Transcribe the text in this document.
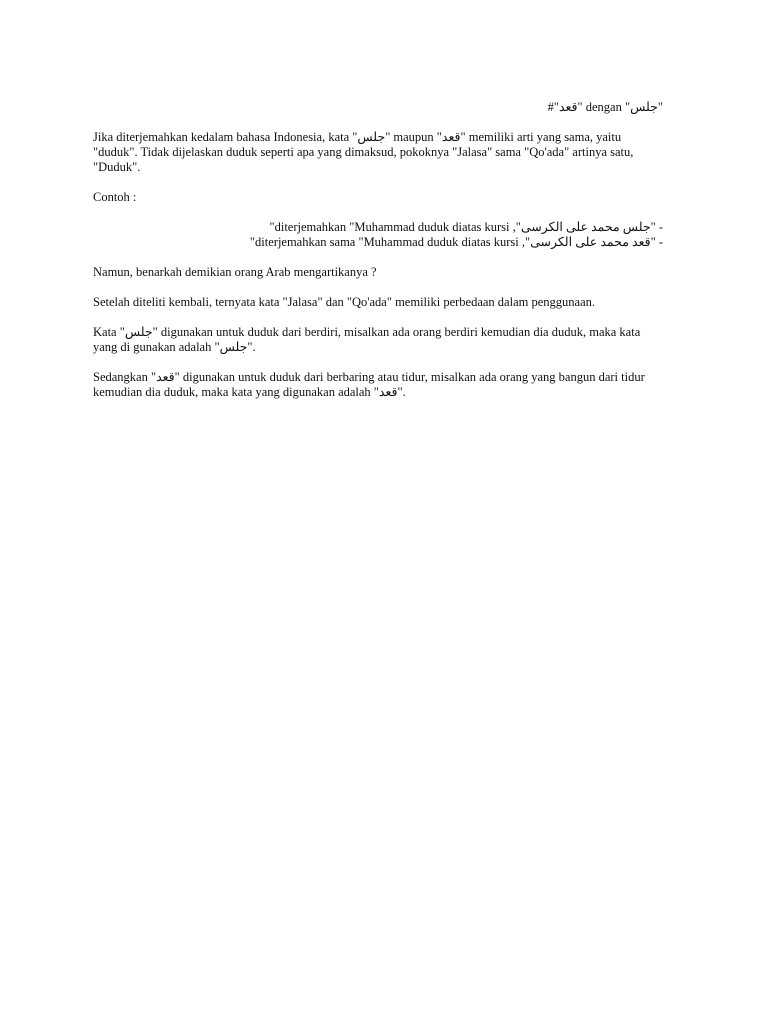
"جلس" dengan "قعد"#

Jika diterjemahkan kedalam bahasa Indonesia, kata "جلس" maupun "قعد" memiliki arti yang sama, yaitu "duduk". Tidak dijelaskan duduk seperti apa yang dimaksud, pokoknya "Jalasa" sama "Qo'ada" artinya satu, "Duduk".

Contoh :

- "جلس محمد على الكرسى", diterjemahkan "Muhammad duduk diatas kursi"

- "قعد محمد على الكرسى", diterjemahkan sama "Muhammad duduk diatas kursi"

Namun, benarkah demikian orang Arab mengartikanya ?

Setelah diteliti kembali, ternyata kata "Jalasa" dan "Qo'ada" memiliki perbedaan dalam penggunaan.

Kata "جلس" digunakan untuk duduk dari berdiri, misalkan ada orang berdiri kemudian dia duduk, maka kata yang di gunakan adalah "جلس".

Sedangkan "قعد" digunakan untuk duduk dari berbaring atau tidur, misalkan ada orang yang bangun dari tidur kemudian dia duduk, maka kata yang digunakan adalah "قعد".
